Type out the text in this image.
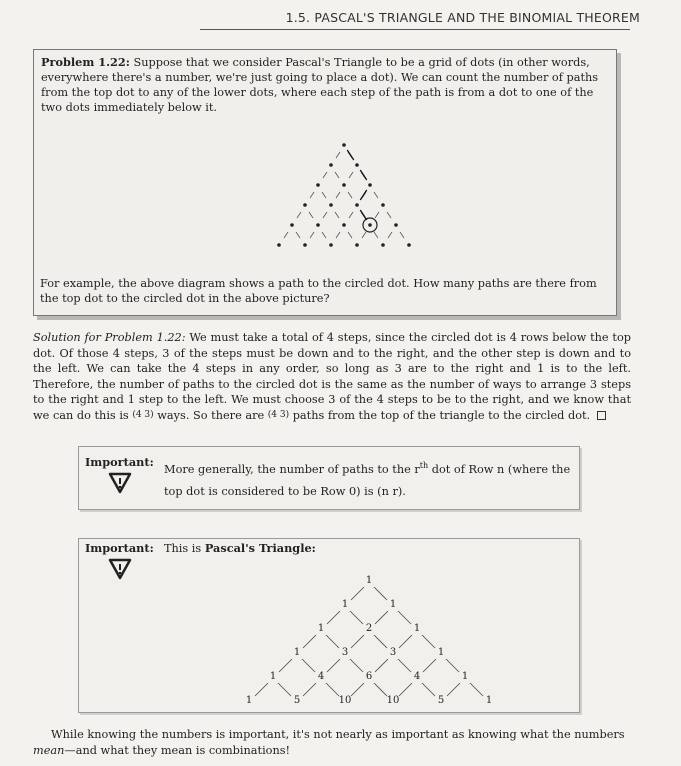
1.5. PASCAL'S TRIANGLE AND THE BINOMIAL THEOREM
Problem 1.22: Suppose that we consider Pascal's Triangle to be a grid of dots (in other words, everywhere there's a number, we're just going to place a dot). We can count the number of paths from the top dot to any of the lower dots, where each step of the path is from a dot to one of the two dots immediately below it.
For example, the above diagram shows a path to the circled dot. How many paths are there from the top dot to the circled dot in the above picture?
Solution for Problem 1.22: We must take a total of 4 steps, since the circled dot is 4 rows below the top dot. Of those 4 steps, 3 of the steps must be down and to the right, and the other step is down and to the left. We can take the 4 steps in any order, so long as 3 are to the right and 1 is to the left. Therefore, the number of paths to the circled dot is the same as the number of ways to arrange 3 steps to the right and 1 step to the left. We must choose 3 of the 4 steps to be to the right, and we know that we can do this is (4 3) ways. So there are (4 3) paths from the top of the triangle to the circled dot.
Important:
More generally, the number of paths to the $r^{th}$ dot of Row n (where the top dot is considered to be Row 0) is (n r).
Important: This is Pascal's Triangle:
1
1	1
1	2	1
1	3	3	1
1	4	6	4	1
1	5	10	10	5	1
While knowing the numbers is important, it's not nearly as important as knowing what the numbers mean—and what they mean is combinations!
